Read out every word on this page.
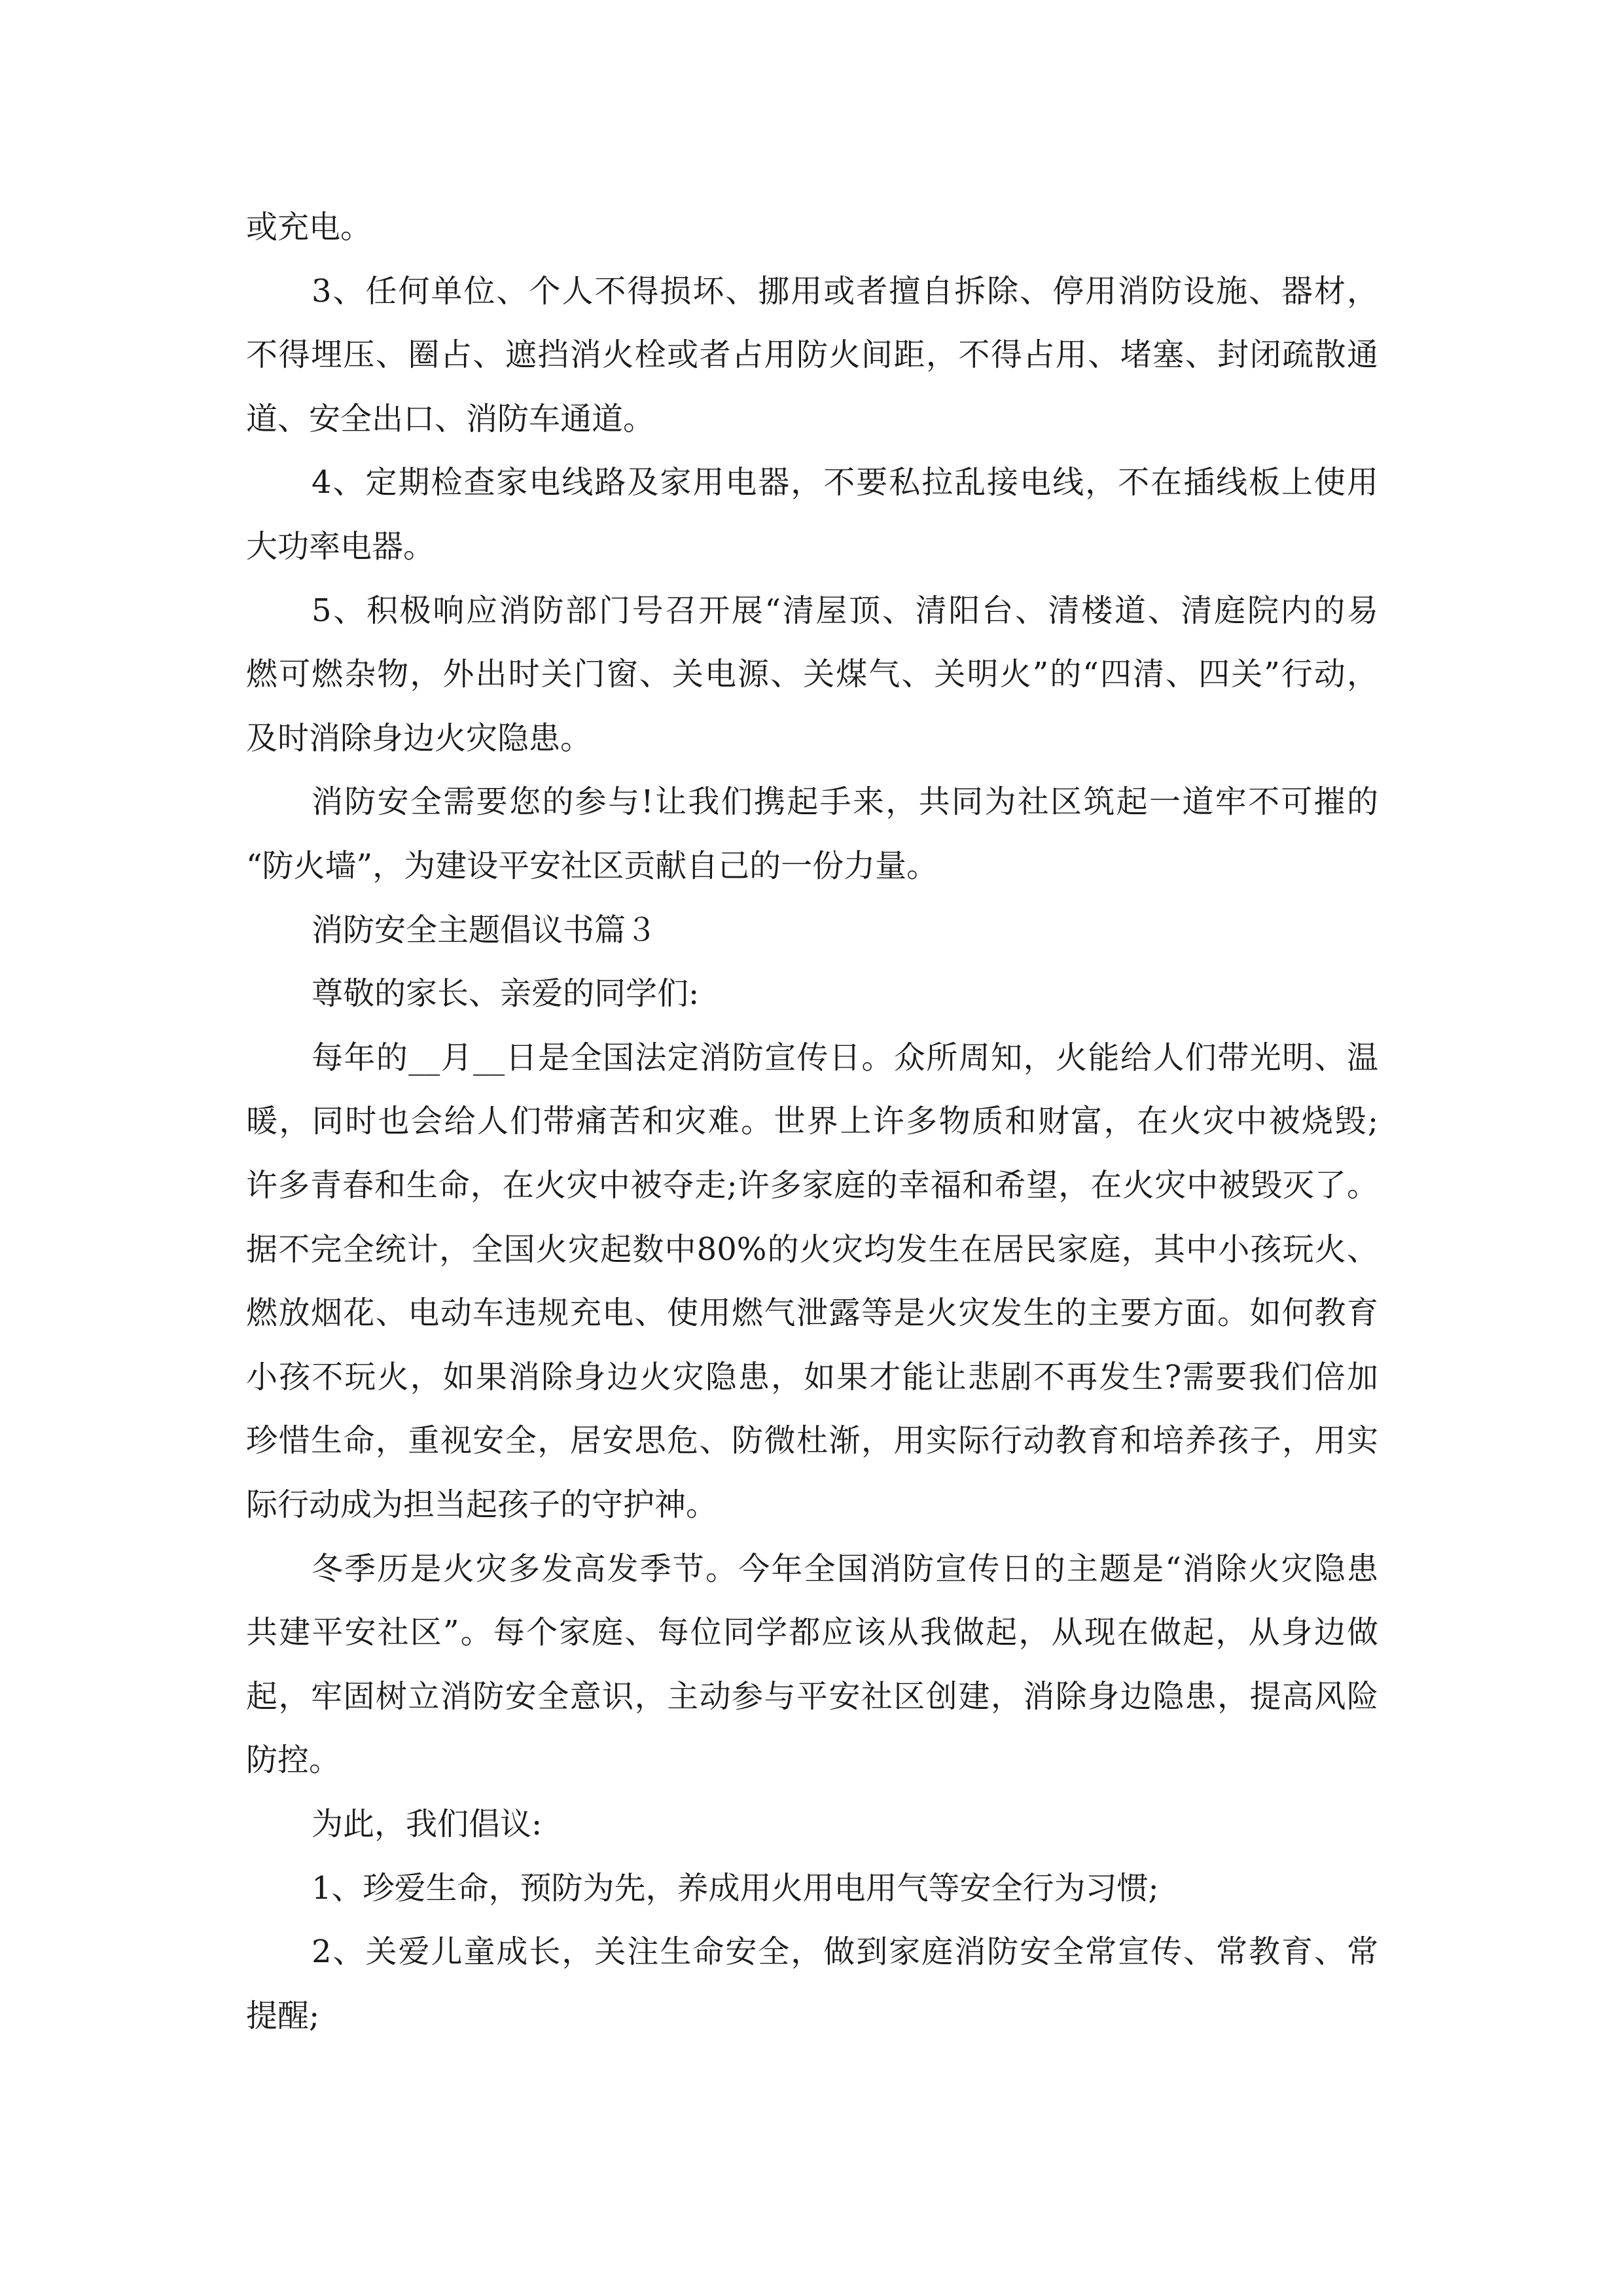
或充电。
3、任何单位、个人不得损坏、挪用或者擅自拆除、停用消防设施、器材，
不得埋压、圈占、遮挡消火栓或者占用防火间距，不得占用、堵塞、封闭疏散通
道、安全出口、消防车通道。
4、定期检查家电线路及家用电器，不要私拉乱接电线，不在插线板上使用
大功率电器。
5、积极响应消防部门号召开展“清屋顶、清阳台、清楼道、清庭院内的易
燃可燃杂物，外出时关门窗、关电源、关煤气、关明火”的“四清、四关”行动，
及时消除身边火灾隐患。
消防安全需要您的参与!让我们携起手来，共同为社区筑起一道牢不可摧的
“防火墙”，为建设平安社区贡献自己的一份力量。
消防安全主题倡议书篇３
尊敬的家长、亲爱的同学们:
每年的__月__日是全国法定消防宣传日。众所周知，火能给人们带光明、温
暖，同时也会给人们带痛苦和灾难。世界上许多物质和财富，在火灾中被烧毁;
许多青春和生命，在火灾中被夺走;许多家庭的幸福和希望，在火灾中被毁灭了。
据不完全统计，全国火灾起数中80%的火灾均发生在居民家庭，其中小孩玩火、
燃放烟花、电动车违规充电、使用燃气泄露等是火灾发生的主要方面。如何教育
小孩不玩火，如果消除身边火灾隐患，如果才能让悲剧不再发生?需要我们倍加
珍惜生命，重视安全，居安思危、防微杜渐，用实际行动教育和培养孩子，用实
际行动成为担当起孩子的守护神。
冬季历是火灾多发高发季节。今年全国消防宣传日的主题是“消除火灾隐患
共建平安社区”。每个家庭、每位同学都应该从我做起，从现在做起，从身边做
起，牢固树立消防安全意识，主动参与平安社区创建，消除身边隐患，提高风险
防控。
为此，我们倡议:
1、珍爱生命，预防为先，养成用火用电用气等安全行为习惯;
2、关爱儿童成长，关注生命安全，做到家庭消防安全常宣传、常教育、常
提醒;
